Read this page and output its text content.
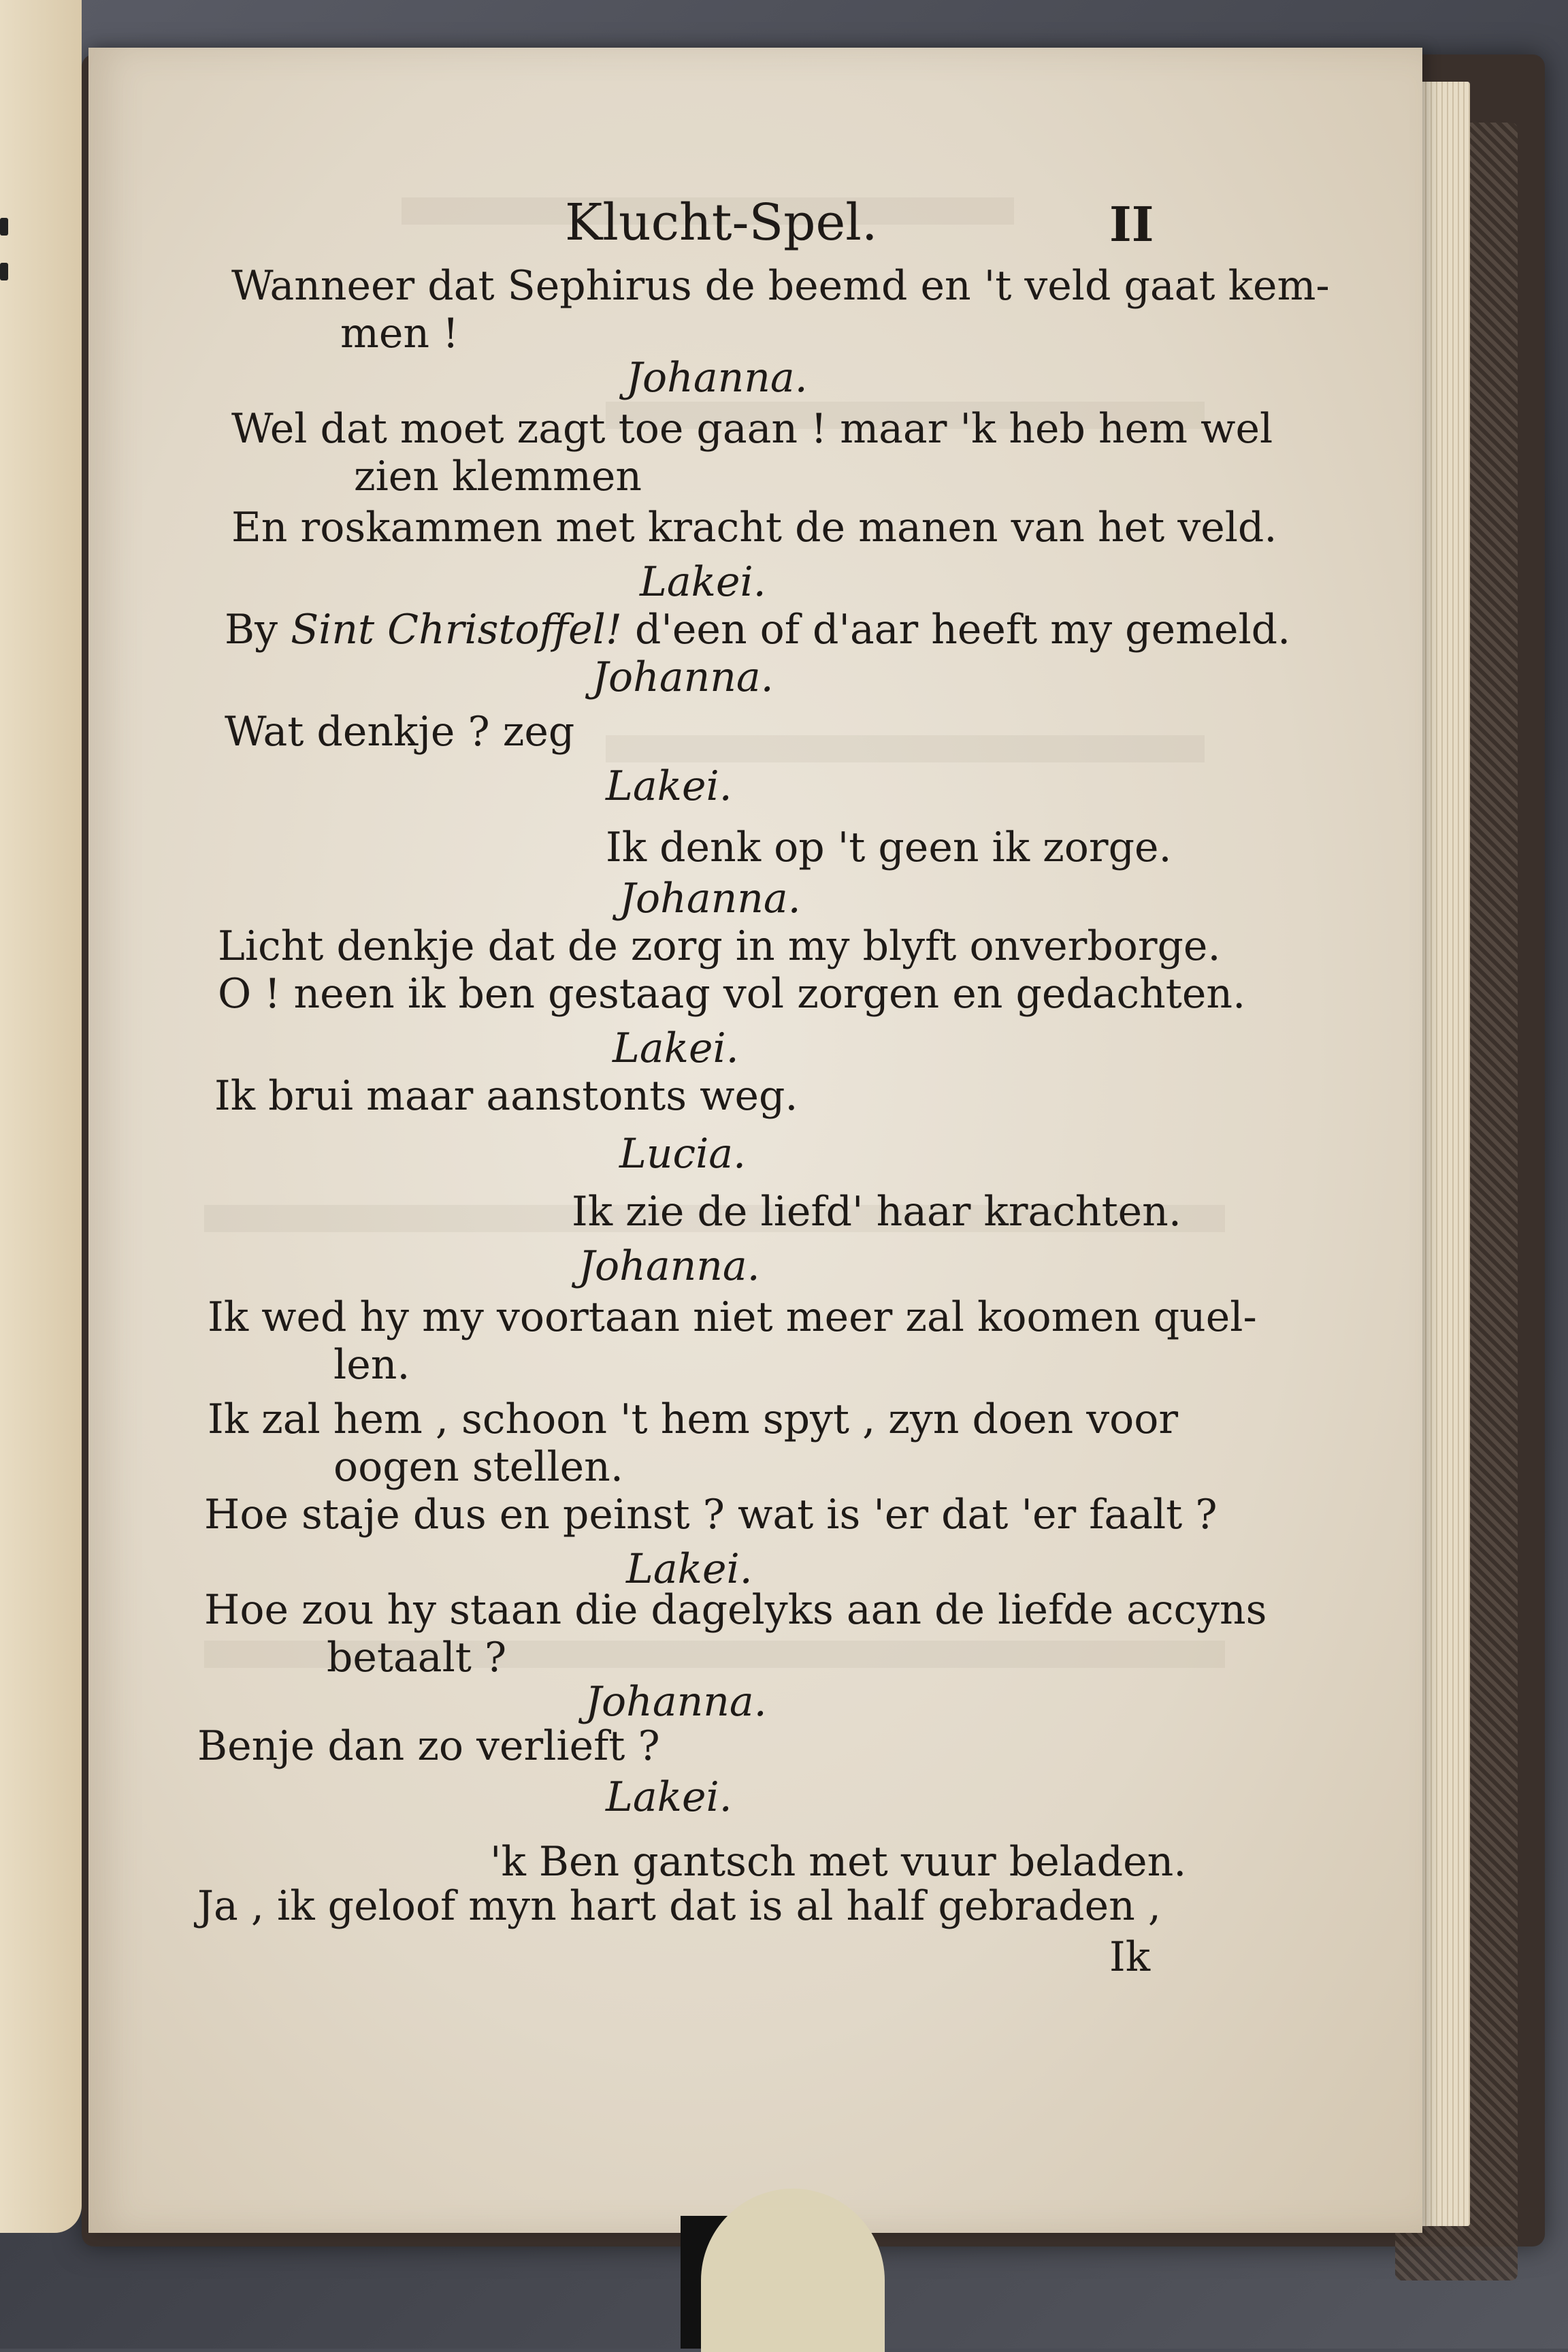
Klucht-Spel.	II
Wanneer dat Sephirus de beemd en 't veld gaat kem-
men !
Johanna.
Wel dat moet zagt toe gaan ! maar 'k heb hem wel
zien klemmen
En roskammen met kracht de manen van het veld.
Lakei.
By Sint Christoffel! d'een of d'aar heeft my gemeld.
Johanna.
Wat denkje ? zeg
Lakei.
Ik denk op 't geen ik zorge.
Johanna.
Licht denkje dat de zorg in my blyft onverborge.
O ! neen ik ben gestaag vol zorgen en gedachten.
Lakei.
Ik brui maar aanstonts weg.
Lucia.
Ik zie de liefd' haar krachten.
Johanna.
Ik wed hy my voortaan niet meer zal koomen quel-
len.
Ik zal hem , schoon 't hem spyt , zyn doen voor
oogen stellen.
Hoe staje dus en peinst ? wat is 'er dat 'er faalt ?
Lakei.
Hoe zou hy staan die dagelyks aan de liefde accyns
betaalt ?
Johanna.
Benje dan zo verlieft ?
Lakei.
'k Ben gantsch met vuur beladen.
Ja , ik geloof myn hart dat is al half gebraden ,
Ik
